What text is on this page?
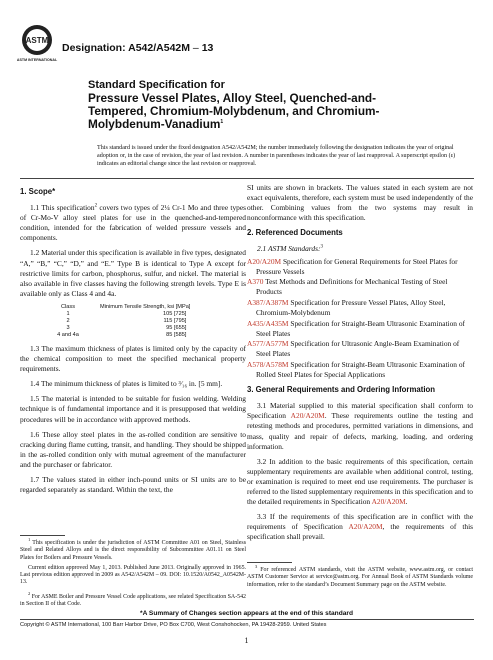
ASTM
ASTM INTERNATIONAL
Designation: A542/A542M – 13
Standard Specification for
Pressure Vessel Plates, Alloy Steel, Quenched-and-
Tempered, Chromium-Molybdenum, and Chromium-
Molybdenum-Vanadium$^1$
This standard is issued under the fixed designation A542/A542M; the number immediately following the designation indicates the year of original adoption or, in the case of revision, the year of last revision. A number in parentheses indicates the year of last reapproval. A superscript epsilon (ε) indicates an editorial change since the last revision or reapproval.
1. Scope*

1.1 This specification$^2$ covers two types of 2¼ Cr-1 Mo and three types of Cr-Mo-V alloy steel plates for use in the quenched-and-tempered condition, intended for the fabrication of welded pressure vessels and components.

1.2 Material under this specification is available in five types, designated “A,” “B,” “C,” “D,” and “E.” Type B is identical to Type A except for restrictive limits for carbon, phosphorus, sulfur, and nickel. The material is also available in five classes having the following strength levels. Type E is available only as Class 4 and 4a.

Class	Minimum Tensile Strength, ksi [MPa]
1	105 [725]
2	115 [795]
3	95 [655]
4 and 4a	85 [585]

1.3 The maximum thickness of plates is limited only by the capacity of the chemical composition to meet the specified mechanical property requirements.

1.4 The minimum thickness of plates is limited to ³⁄₁₆ in. [5 mm].

1.5 The material is intended to be suitable for fusion welding. Welding technique is of fundamental importance and it is presupposed that welding procedures will be in accordance with approved methods.

1.6 These alloy steel plates in the as-rolled condition are sensitive to cracking during flame cutting, transit, and handling. They should be shipped in the as-rolled condition only with mutual agreement of the manufacturer and the purchaser or fabricator.

1.7 The values stated in either inch-pound units or SI units are to be regarded separately as standard. Within the text, the

$^1$ This specification is under the jurisdiction of ASTM Committee A01 on Steel, Stainless Steel and Related Alloys and is the direct responsibility of Subcommittee A01.11 on Steel Plates for Boilers and Pressure Vessels.

Current edition approved May 1, 2013. Published June 2013. Originally approved in 1965. Last previous edition approved in 2009 as A542/A542M – 09. DOI: 10.1520/A0542_A0542M-13.

$^2$ For ASME Boiler and Pressure Vessel Code applications, see related Specification SA-542 in Section II of that Code.

SI units are shown in brackets. The values stated in each system are not exact equivalents, therefore, each system must be used independently of the other. Combining values from the two systems may result in nonconformance with this specification.

2. Referenced Documents

2.1 ASTM Standards:$^3$

A20/A20M Specification for General Requirements for Steel Plates for Pressure Vessels
A370 Test Methods and Definitions for Mechanical Testing of Steel Products
A387/A387M Specification for Pressure Vessel Plates, Alloy Steel, Chromium-Molybdenum
A435/A435M Specification for Straight-Beam Ultrasonic Examination of Steel Plates
A577/A577M Specification for Ultrasonic Angle-Beam Examination of Steel Plates
A578/A578M Specification for Straight-Beam Ultrasonic Examination of Rolled Steel Plates for Special Applications
3. General Requirements and Ordering Information

3.1 Material supplied to this material specification shall conform to Specification A20/A20M. These requirements outline the testing and retesting methods and procedures, permitted variations in dimensions, and mass, quality and repair of defects, marking, loading, and ordering information.

3.2 In addition to the basic requirements of this specification, certain supplementary requirements are available when additional control, testing, or examination is required to meet end use requirements. The purchaser is referred to the listed supplementary requirements in this specification and to the detailed requirements in Specification A20/A20M.

3.3 If the requirements of this specification are in conflict with the requirements of Specification A20/A20M, the requirements of this specification shall prevail.

$^3$ For referenced ASTM standards, visit the ASTM website, www.astm.org, or contact ASTM Customer Service at service@astm.org. For Annual Book of ASTM Standards volume information, refer to the standard’s Document Summary page on the ASTM website.

*A Summary of Changes section appears at the end of this standard
Copyright © ASTM International, 100 Barr Harbor Drive, PO Box C700, West Conshohocken, PA 19428-2959. United States
1
